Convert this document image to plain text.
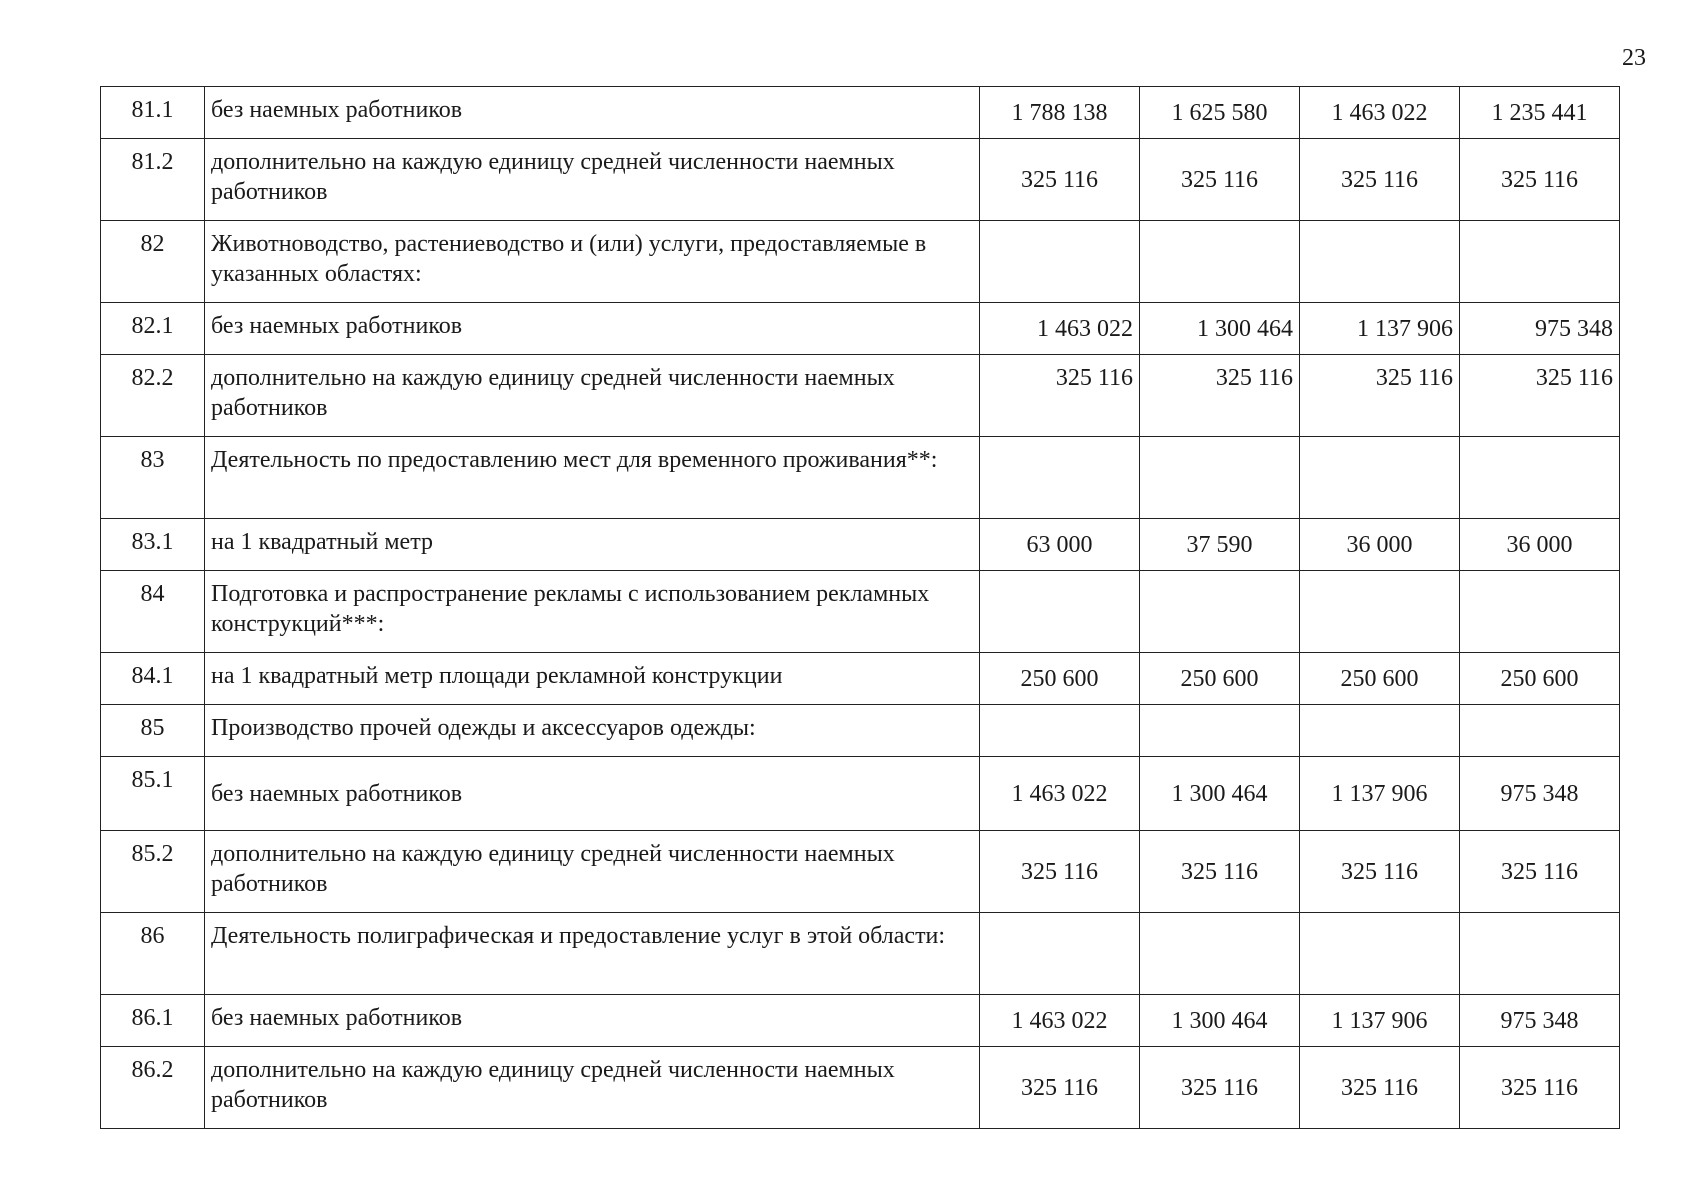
23
81.1	без наемных работников	1 788 138	1 625 580	1 463 022	1 235 441
81.2	дополнительно на каждую единицу средней численности наемных работников	325 116	325 116	325 116	325 116
82	Животноводство, растениеводство и (или) услуги, предоставляемые в указанных областях:				
82.1	без наемных работников	1 463 022	1 300 464	1 137 906	975 348
82.2	дополнительно на каждую единицу средней численности наемных работников	325 116	325 116	325 116	325 116
83	Деятельность по предоставлению мест для временного проживания**:				
83.1	на 1 квадратный метр	63 000	37 590	36 000	36 000
84	Подготовка и распространение рекламы с использованием рекламных конструкций***:				
84.1	на 1 квадратный метр площади рекламной конструкции	250 600	250 600	250 600	250 600
85	Производство прочей одежды и аксессуаров одежды:				
85.1	без наемных работников	1 463 022	1 300 464	1 137 906	975 348
85.2	дополнительно на каждую единицу средней численности наемных работников	325 116	325 116	325 116	325 116
86	Деятельность полиграфическая и предоставление услуг в этой области:				
86.1	без наемных работников	1 463 022	1 300 464	1 137 906	975 348
86.2	дополнительно на каждую единицу средней численности наемных работников	325 116	325 116	325 116	325 116
